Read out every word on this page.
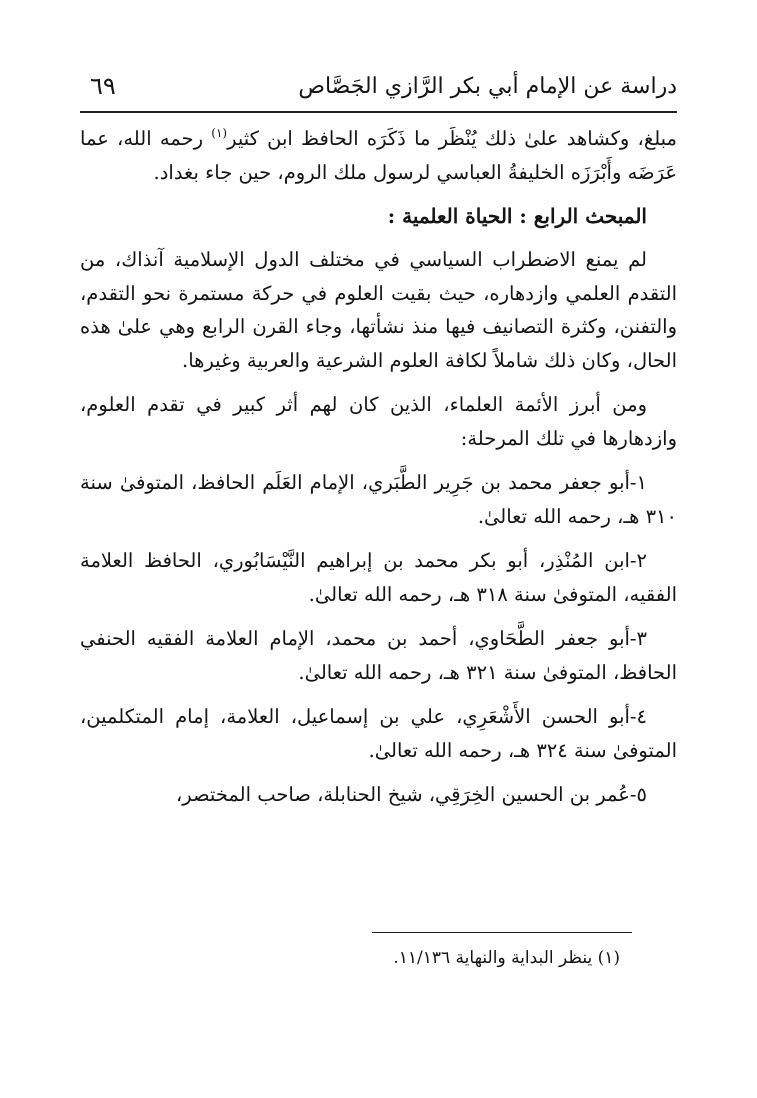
دراسة عن الإمام أبي بكر الرَّازي الجَصَّاص
٦٩

مبلغ، وكشاهد علىٰ ذلك يُنْظَر ما ذَكَرَه الحافظ ابن كثير$^{(١)}$ رحمه الله، عما عَرَضَه وأَبْرَزَه الخليفةُ العباسي لرسول ملك الروم، حين جاء بغداد.

المبحث الرابع : الحياة العلمية :

لم يمنع الاضطراب السياسي في مختلف الدول الإسلامية آنذاك، من التقدم العلمي وازدهاره، حيث بقيت العلوم في حركة مستمرة نحو التقدم، والتفنن، وكثرة التصانيف فيها منذ نشأتها، وجاء القرن الرابع وهي علىٰ هذه الحال، وكان ذلك شاملاً لكافة العلوم الشرعية والعربية وغيرها.

ومن أبرز الأئمة العلماء، الذين كان لهم أثر كبير في تقدم العلوم، وازدهارها في تلك المرحلة:

١-أبو جعفر محمد بن جَرِير الطَّبَري، الإمام العَلَم الحافظ، المتوفىٰ سنة ٣١٠ هـ، رحمه الله تعالىٰ.

٢-ابن المُنْذِر، أبو بكر محمد بن إبراهيم النَّيْسَابُوري، الحافظ العلامة الفقيه، المتوفىٰ سنة ٣١٨ هـ، رحمه الله تعالىٰ.

٣-أبو جعفر الطَّحَاوي، أحمد بن محمد، الإمام العلامة الفقيه الحنفي الحافظ، المتوفىٰ سنة ٣٢١ هـ، رحمه الله تعالىٰ.

٤-أبو الحسن الأَشْعَرِي، علي بن إسماعيل، العلامة، إمام المتكلمين، المتوفىٰ سنة ٣٢٤ هـ، رحمه الله تعالىٰ.

٥-عُمر بن الحسين الخِرَقِي، شيخ الحنابلة، صاحب المختصر،

(١) ينظر البداية والنهاية ١١/١٣٦.
